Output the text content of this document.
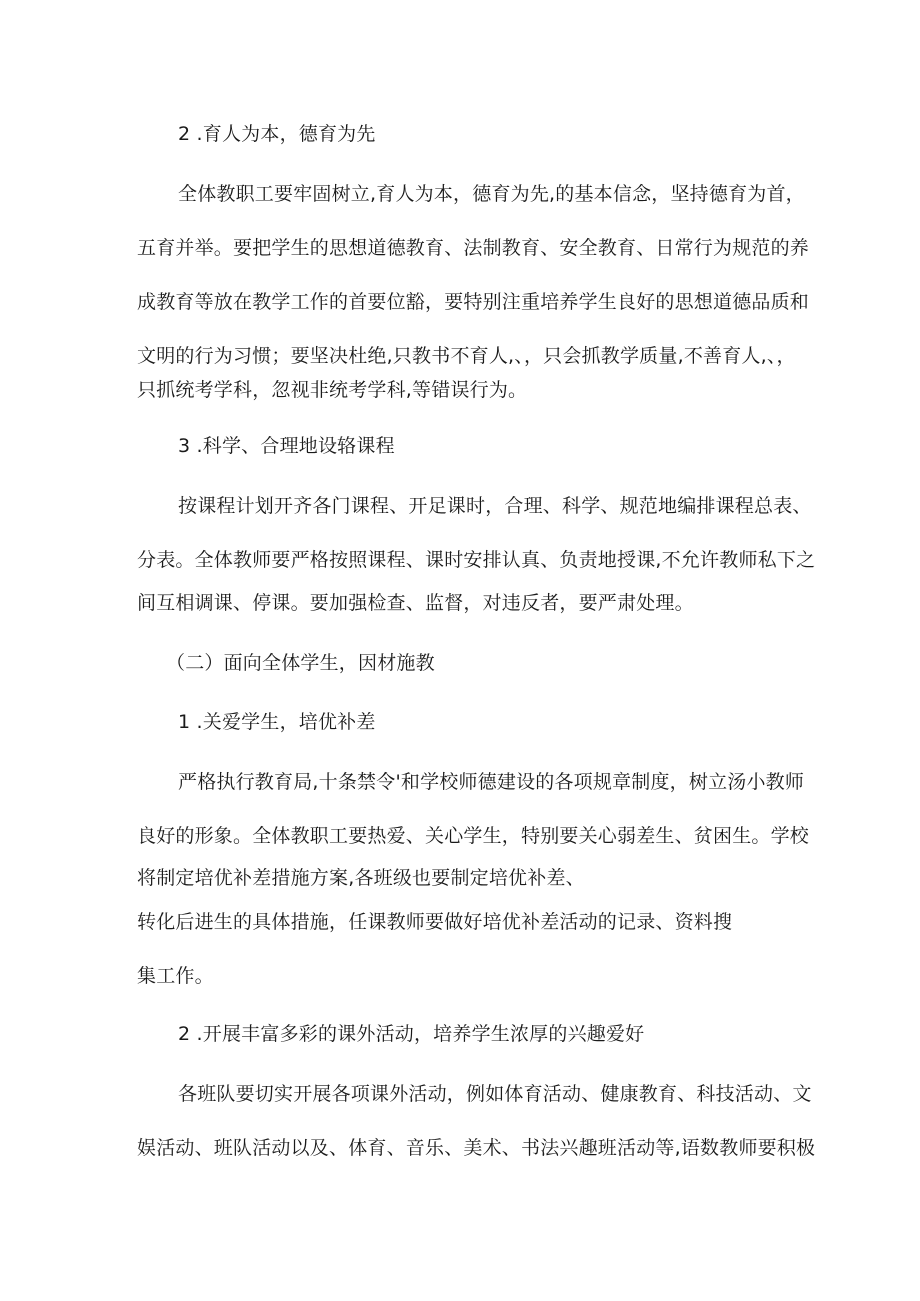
2 .育人为本，德育为先
全体教职工要牢固树立,育人为本，德育为先,的基本信念，坚持德育为首，
五育并举。要把学生的思想道德教育、法制教育、安全教育、日常行为规范的养
成教育等放在教学工作的首要位豁，要特别注重培养学生良好的思想道德品质和
文明的行为习惯；要坚决杜绝,只教书不育人,、，只会抓教学质量,不善育人,、，
只抓统考学科，忽视非统考学科,等错误行为。
3 .科学、合理地设辂课程
按课程计划开齐各门课程、开足课时，合理、科学、规范地编排课程总表、
分表。全体教师要严格按照课程、课时安排认真、负责地授课,不允许教师私下之
间互相调课、停课。要加强检查、监督，对违反者，要严肃处理。
（二）面向全体学生，因材施教
1 .关爱学生，培优补差
严格执行教育局,十条禁令'和学校师德建设的各项规章制度，树立汤小教师
良好的形象。全体教职工要热爱、关心学生，特别要关心弱差生、贫困生。学校
将制定培优补差措施方案,各班级也要制定培优补差、
转化后进生的具体措施，任课教师要做好培优补差活动的记录、资料搜
集工作。
2 .开展丰富多彩的课外活动，培养学生浓厚的兴趣爱好
各班队要切实开展各项课外活动，例如体育活动、健康教育、科技活动、文
娱活动、班队活动以及、体育、音乐、美术、书法兴趣班活动等,语数教师要积极
